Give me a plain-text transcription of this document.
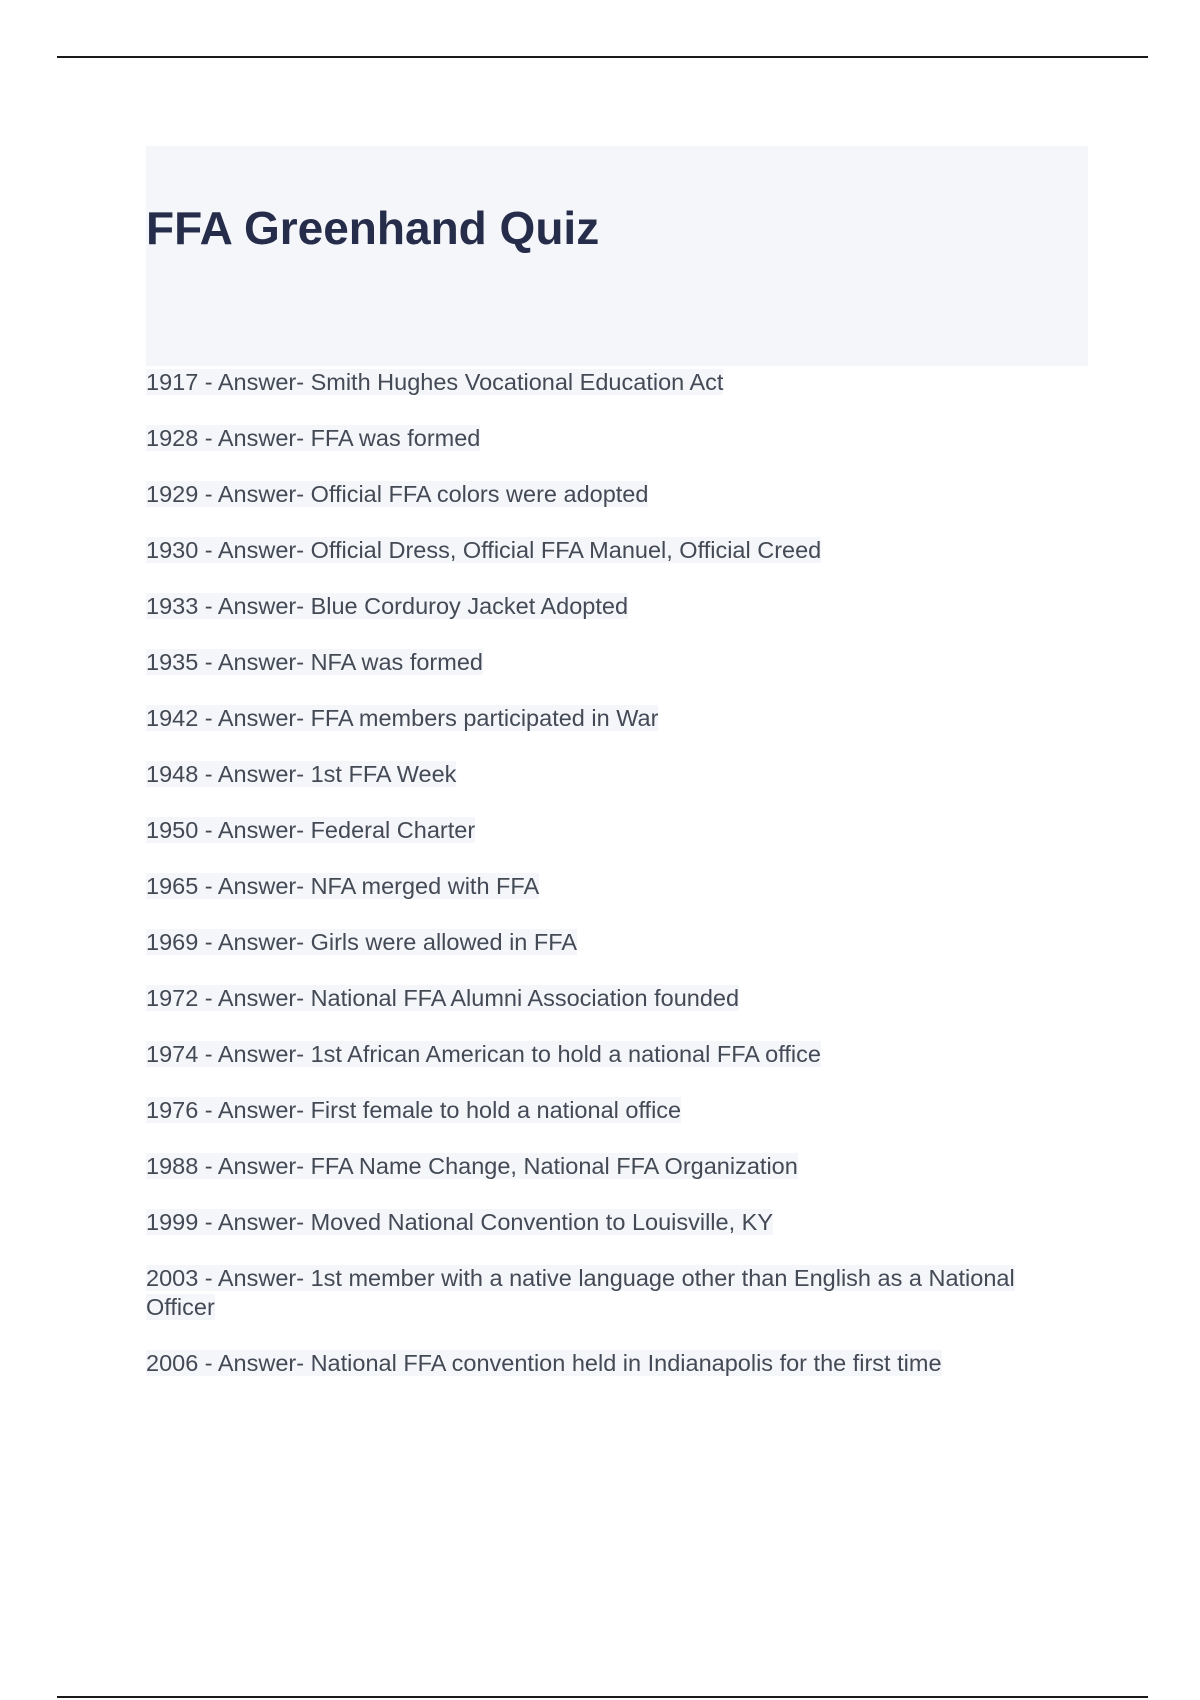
FFA Greenhand Quiz

1917 - Answer- Smith Hughes Vocational Education Act

1928 - Answer- FFA was formed

1929 - Answer- Official FFA colors were adopted

1930 - Answer- Official Dress, Official FFA Manuel, Official Creed

1933 - Answer- Blue Corduroy Jacket Adopted

1935 - Answer- NFA was formed

1942 - Answer- FFA members participated in War

1948 - Answer- 1st FFA Week

1950 - Answer- Federal Charter

1965 - Answer- NFA merged with FFA

1969 - Answer- Girls were allowed in FFA

1972 - Answer- National FFA Alumni Association founded

1974 - Answer- 1st African American to hold a national FFA office

1976 - Answer- First female to hold a national office

1988 - Answer- FFA Name Change, National FFA Organization

1999 - Answer- Moved National Convention to Louisville, KY

2003 - Answer- 1st member with a native language other than English as a National Officer

2006 - Answer- National FFA convention held in Indianapolis for the first time
